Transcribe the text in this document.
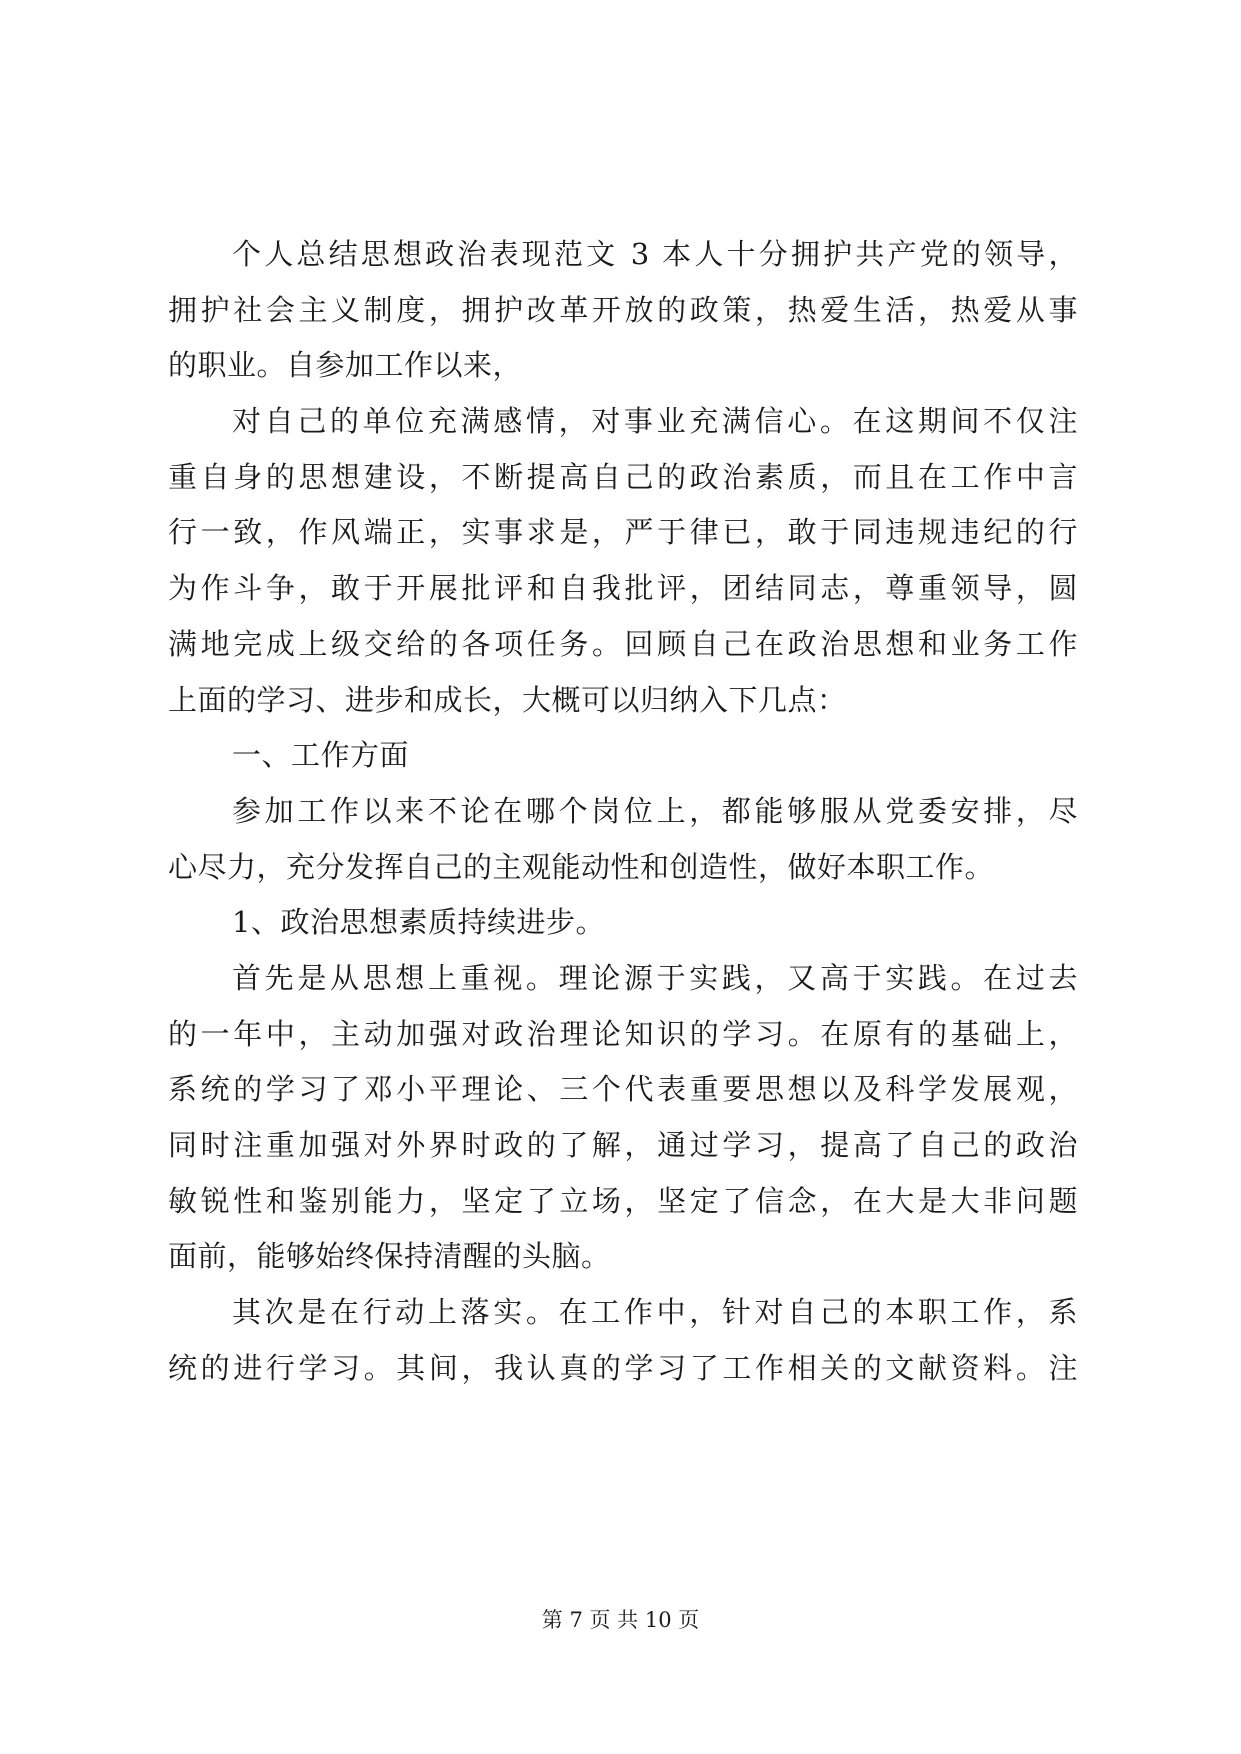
个人总结思想政治表现范文 3 本人十分拥护共产党的领导，
拥护社会主义制度，拥护改革开放的政策，热爱生活，热爱从事
的职业。自参加工作以来，
对自己的单位充满感情，对事业充满信心。在这期间不仅注
重自身的思想建设，不断提高自己的政治素质，而且在工作中言
行一致，作风端正，实事求是，严于律已，敢于同违规违纪的行
为作斗争，敢于开展批评和自我批评，团结同志，尊重领导，圆
满地完成上级交给的各项任务。回顾自己在政治思想和业务工作
上面的学习、进步和成长，大概可以归纳入下几点：
一、工作方面
参加工作以来不论在哪个岗位上，都能够服从党委安排，尽
心尽力，充分发挥自己的主观能动性和创造性，做好本职工作。
1、政治思想素质持续进步。
首先是从思想上重视。理论源于实践，又高于实践。在过去
的一年中，主动加强对政治理论知识的学习。在原有的基础上，
系统的学习了邓小平理论、三个代表重要思想以及科学发展观，
同时注重加强对外界时政的了解，通过学习，提高了自己的政治
敏锐性和鉴别能力，坚定了立场，坚定了信念，在大是大非问题
面前，能够始终保持清醒的头脑。
其次是在行动上落实。在工作中，针对自己的本职工作，系
统的进行学习。其间，我认真的学习了工作相关的文献资料。注
第 7 页 共 10 页
